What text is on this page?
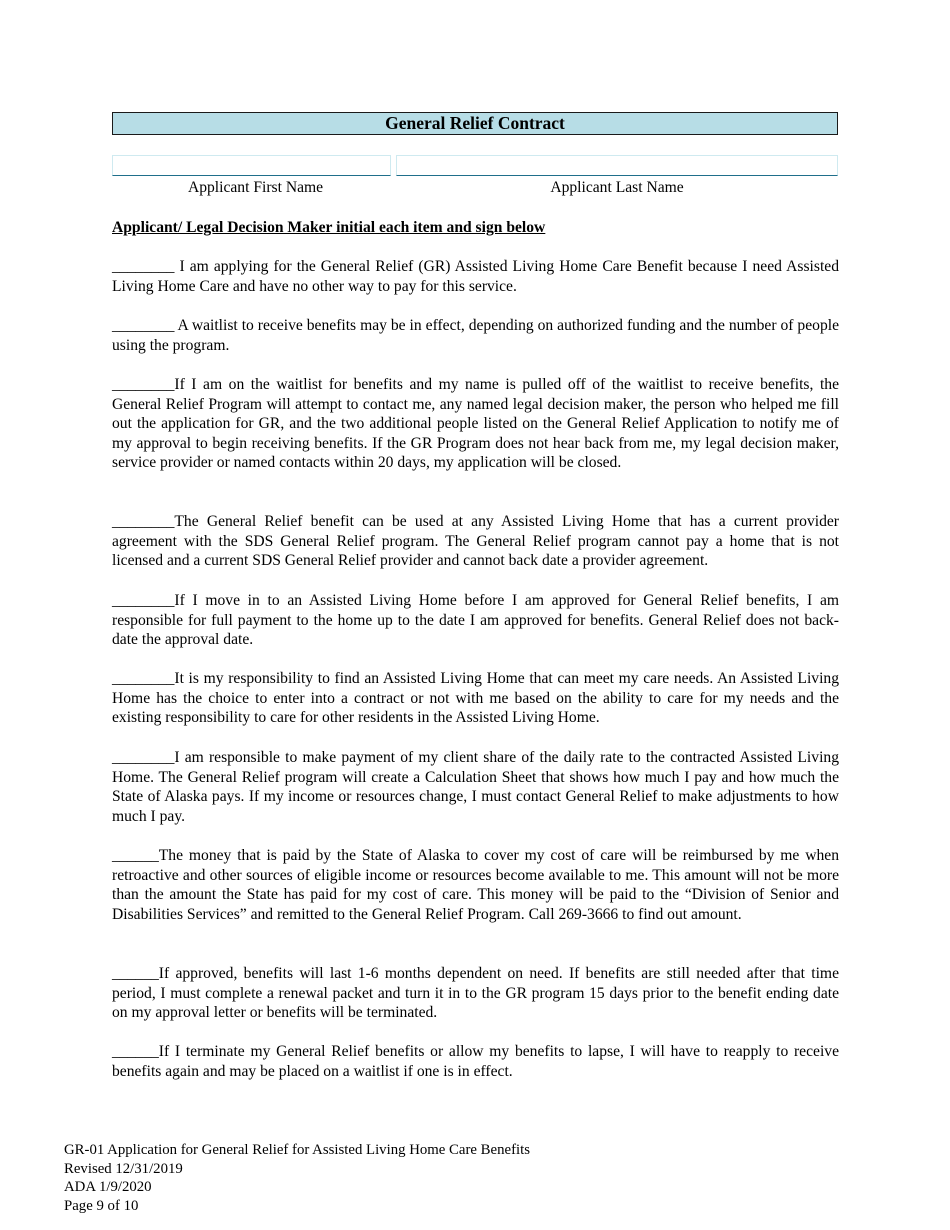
General Relief Contract
Applicant First Name	Applicant Last Name
Applicant/ Legal Decision Maker initial each item and sign below

________ I am applying for the General Relief (GR) Assisted Living Home Care Benefit because I need Assisted Living Home Care and have no other way to pay for this service.

________ A waitlist to receive benefits may be in effect, depending on authorized funding and the number of people using the program.

________If I am on the waitlist for benefits and my name is pulled off of the waitlist to receive benefits, the General Relief Program will attempt to contact me, any named legal decision maker, the person who helped me fill out the application for GR, and the two additional people listed on the General Relief Application to notify me of my approval to begin receiving benefits. If the GR Program does not hear back from me, my legal decision maker, service provider or named contacts within 20 days, my application will be closed.

________The General Relief benefit can be used at any Assisted Living Home that has a current provider agreement with the SDS General Relief program. The General Relief program cannot pay a home that is not licensed and a current SDS General Relief provider and cannot back date a provider agreement.

________If I move in to an Assisted Living Home before I am approved for General Relief benefits, I am responsible for full payment to the home up to the date I am approved for benefits. General Relief does not back-date the approval date.

________It is my responsibility to find an Assisted Living Home that can meet my care needs. An Assisted Living Home has the choice to enter into a contract or not with me based on the ability to care for my needs and the existing responsibility to care for other residents in the Assisted Living Home.

________I am responsible to make payment of my client share of the daily rate to the contracted Assisted Living Home. The General Relief program will create a Calculation Sheet that shows how much I pay and how much the State of Alaska pays. If my income or resources change, I must contact General Relief to make adjustments to how much I pay.

______The money that is paid by the State of Alaska to cover my cost of care will be reimbursed by me when retroactive and other sources of eligible income or resources become available to me. This amount will not be more than the amount the State has paid for my cost of care. This money will be paid to the “Division of Senior and Disabilities Services” and remitted to the General Relief Program. Call 269-3666 to find out amount.

______If approved, benefits will last 1-6 months dependent on need. If benefits are still needed after that time period, I must complete a renewal packet and turn it in to the GR program 15 days prior to the benefit ending date on my approval letter or benefits will be terminated.

______If I terminate my General Relief benefits or allow my benefits to lapse, I will have to reapply to receive benefits again and may be placed on a waitlist if one is in effect.

GR-01 Application for General Relief for Assisted Living Home Care Benefits
Revised 12/31/2019
ADA 1/9/2020
Page 9 of 10
